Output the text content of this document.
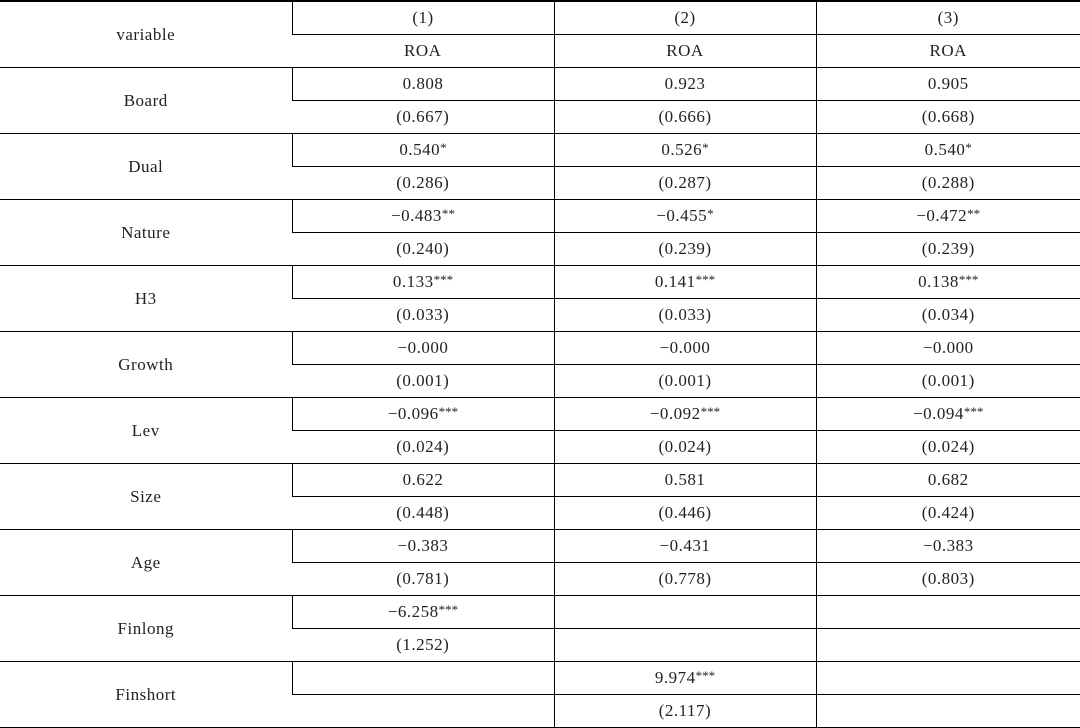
variable	(1)	(2)	(3)
	ROA	ROA	ROA
Board	0.808	0.923	0.905
	(0.667)	(0.666)	(0.668)
Dual	0.540*	0.526*	0.540*
	(0.286)	(0.287)	(0.288)
Nature	−0.483**	−0.455*	−0.472**
	(0.240)	(0.239)	(0.239)
H3	0.133***	0.141***	0.138***
	(0.033)	(0.033)	(0.034)
Growth	−0.000	−0.000	−0.000
	(0.001)	(0.001)	(0.001)
Lev	−0.096***	−0.092***	−0.094***
	(0.024)	(0.024)	(0.024)
Size	0.622	0.581	0.682
	(0.448)	(0.446)	(0.424)
Age	−0.383	−0.431	−0.383
	(0.781)	(0.778)	(0.803)
Finlong	−6.258***		
	(1.252)		
Finshort		9.974***	
		(2.117)	
